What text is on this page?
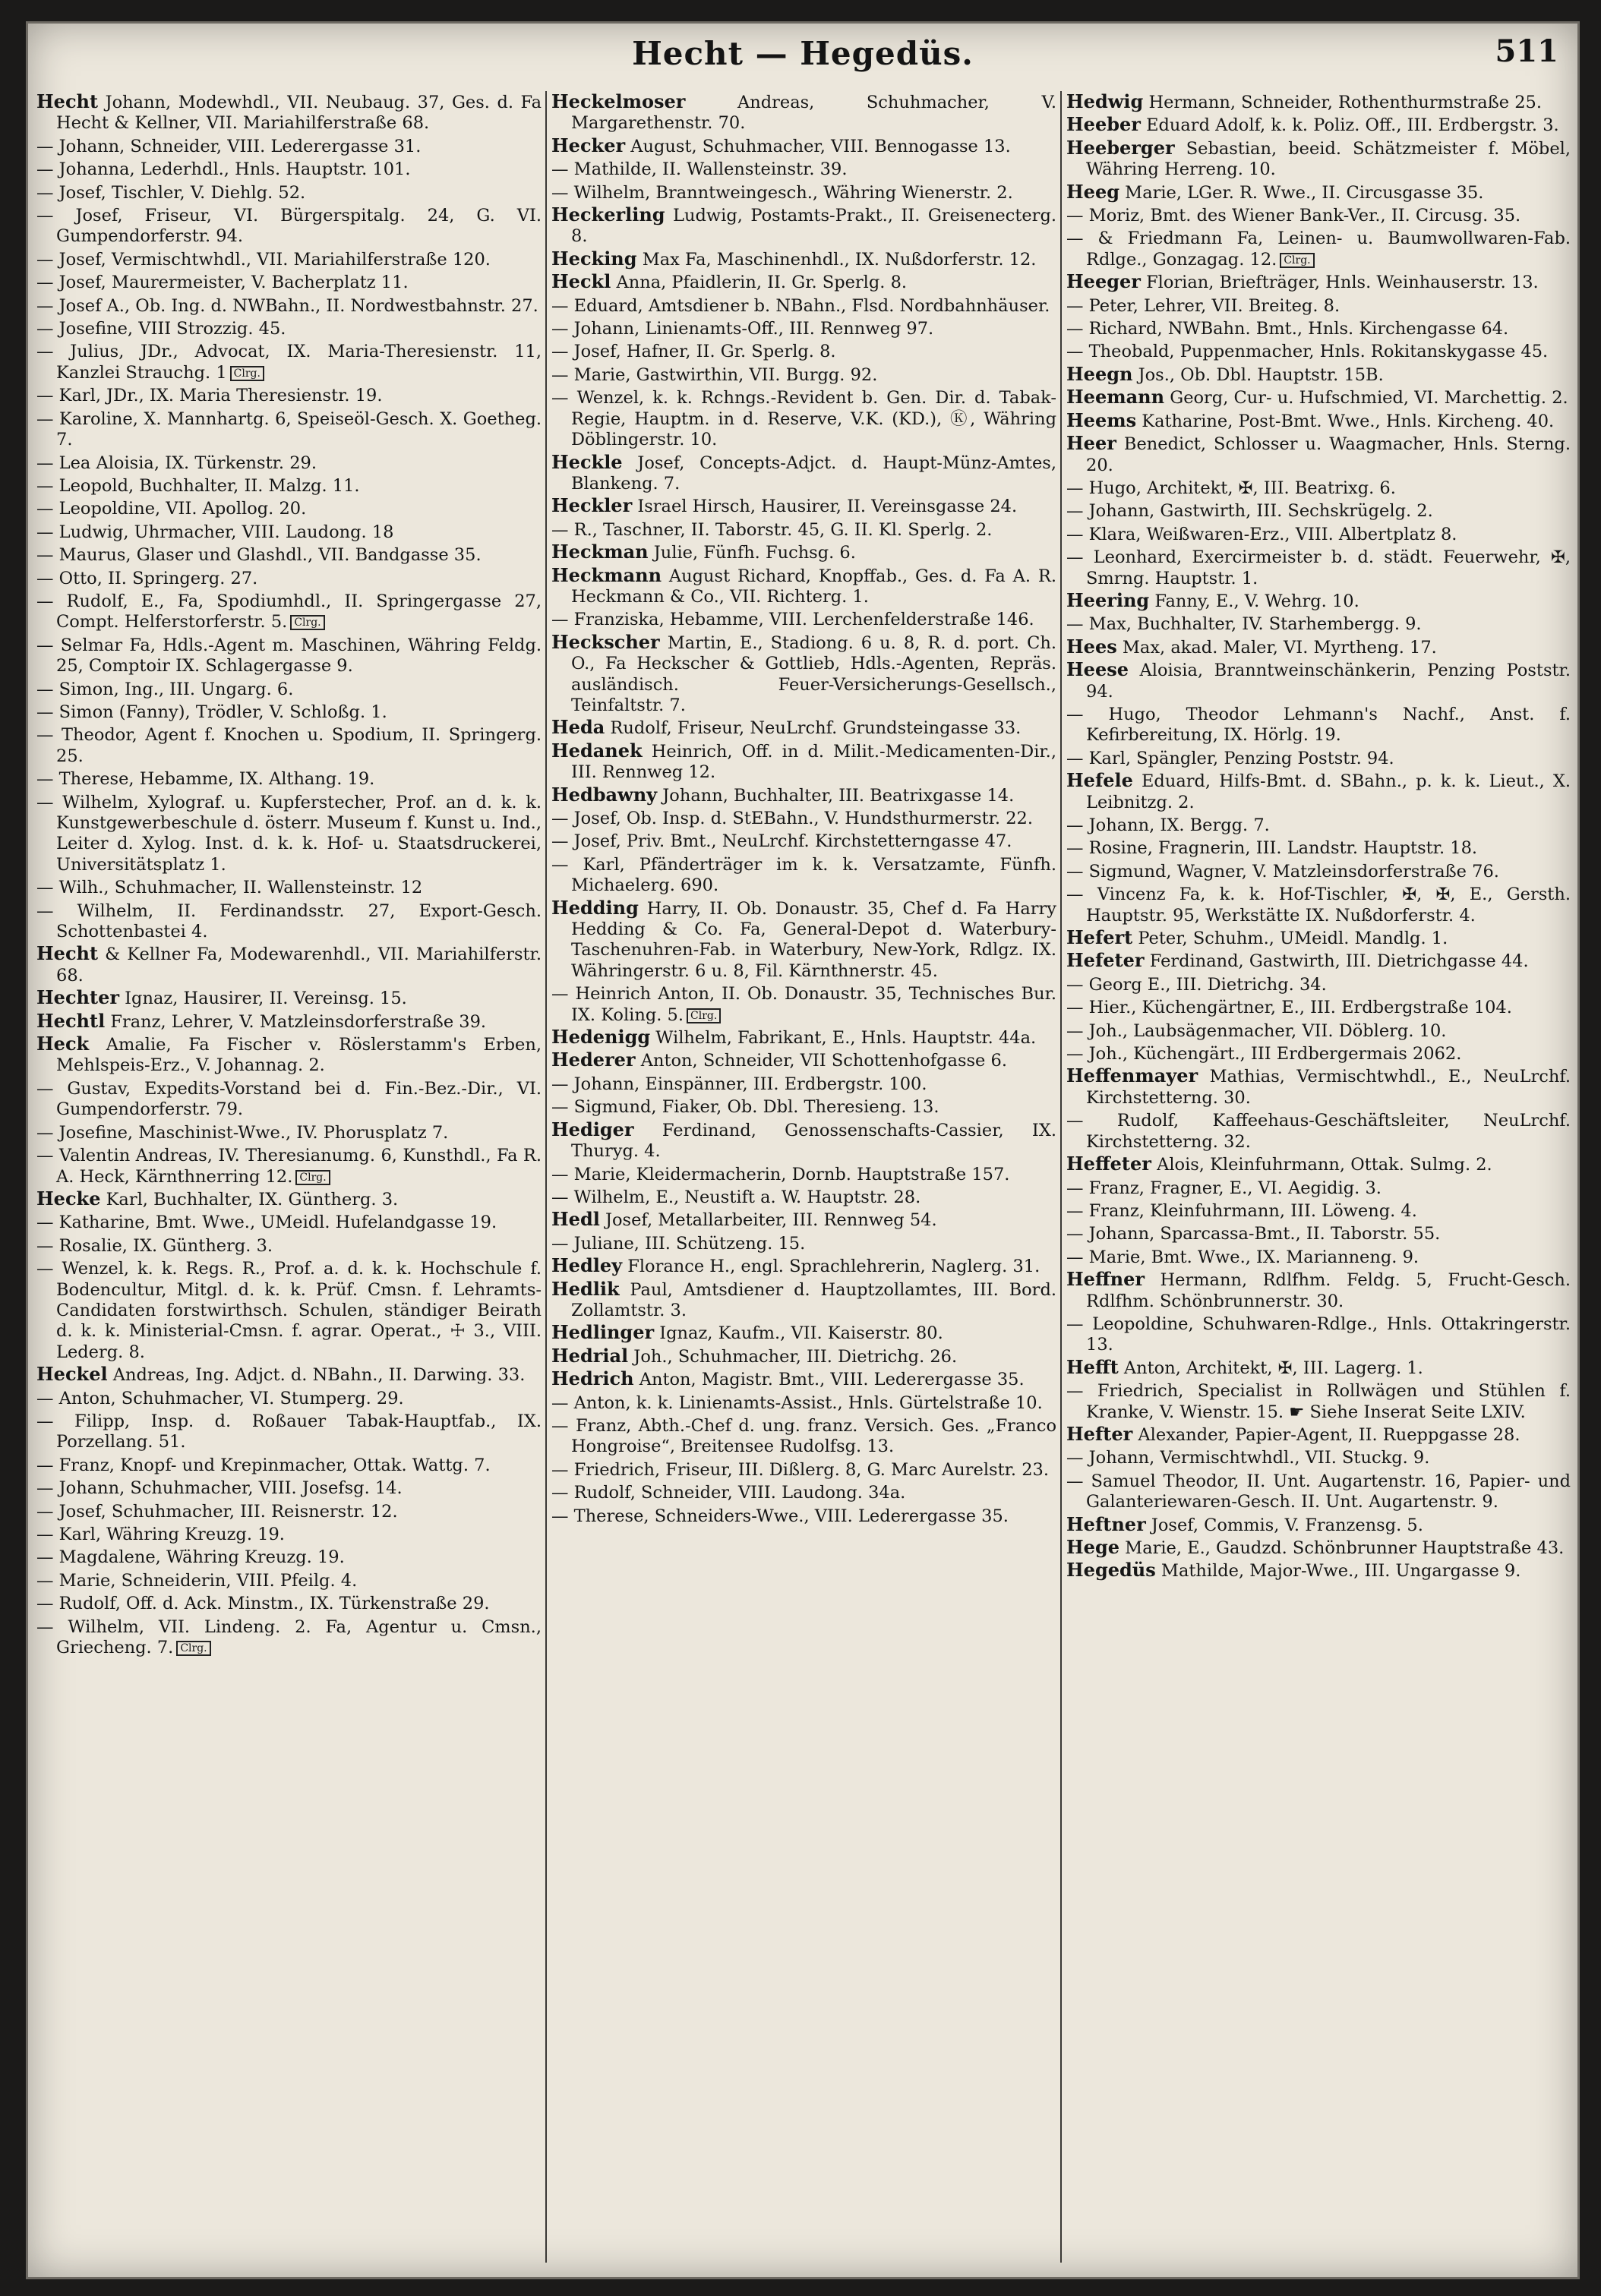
Hecht — Hegedüs.	511

Hecht Johann, Modewhdl., VII. Neubaug. 37, Ges. d. Fa Hecht & Kellner, VII. Mariahilferstraße 68.

— Johann, Schneider, VIII. Lederergasse 31.

— Johanna, Lederhdl., Hnls. Hauptstr. 101.

— Josef, Tischler, V. Diehlg. 52.

— Josef, Friseur, VI. Bürgerspitalg. 24, G. VI. Gumpendorferstr. 94.

— Josef, Vermischtwhdl., VII. Mariahilferstraße 120.

— Josef, Maurermeister, V. Bacherplatz 11.

— Josef A., Ob. Ing. d. NWBahn., II. Nordwestbahnstr. 27.

— Josefine, VIII Strozzig. 45.

— Julius, JDr., Advocat, IX. Maria-Theresienstr. 11, Kanzlei Strauchg. 1 Clrg.

— Karl, JDr., IX. Maria Theresienstr. 19.

— Karoline, X. Mannhartg. 6, Speiseöl-Gesch. X. Goetheg. 7.

— Lea Aloisia, IX. Türkenstr. 29.

— Leopold, Buchhalter, II. Malzg. 11.

— Leopoldine, VII. Apollog. 20.

— Ludwig, Uhrmacher, VIII. Laudong. 18

— Maurus, Glaser und Glashdl., VII. Bandgasse 35.

— Otto, II. Springerg. 27.

— Rudolf, E., Fa, Spodiumhdl., II. Springergasse 27, Compt. Helferstorferstr. 5. Clrg.

— Selmar Fa, Hdls.-Agent m. Maschinen, Währing Feldg. 25, Comptoir IX. Schlagergasse 9.

— Simon, Ing., III. Ungarg. 6.

— Simon (Fanny), Trödler, V. Schloßg. 1.

— Theodor, Agent f. Knochen u. Spodium, II. Springerg. 25.

— Therese, Hebamme, IX. Althang. 19.

— Wilhelm, Xylograf. u. Kupferstecher, Prof. an d. k. k. Kunstgewerbeschule d. österr. Museum f. Kunst u. Ind., Leiter d. Xylog. Inst. d. k. k. Hof- u. Staatsdruckerei, Universitätsplatz 1.

— Wilh., Schuhmacher, II. Wallensteinstr. 12

— Wilhelm, II. Ferdinandsstr. 27, Export-Gesch. Schottenbastei 4.

Hecht & Kellner Fa, Modewarenhdl., VII. Mariahilferstr. 68.

Hechter Ignaz, Hausirer, II. Vereinsg. 15.

Hechtl Franz, Lehrer, V. Matzleinsdorferstraße 39.

Heck Amalie, Fa Fischer v. Röslerstamm's Erben, Mehlspeis-Erz., V. Johannag. 2.

— Gustav, Expedits-Vorstand bei d. Fin.-Bez.-Dir., VI. Gumpendorferstr. 79.

— Josefine, Maschinist-Wwe., IV. Phorusplatz 7.

— Valentin Andreas, IV. Theresianumg. 6, Kunsthdl., Fa R. A. Heck, Kärnthnerring 12. Clrg.

Hecke Karl, Buchhalter, IX. Güntherg. 3.

— Katharine, Bmt. Wwe., UMeidl. Hufelandgasse 19.

— Rosalie, IX. Güntherg. 3.

— Wenzel, k. k. Regs. R., Prof. a. d. k. k. Hochschule f. Bodencultur, Mitgl. d. k. k. Prüf. Cmsn. f. Lehramts-Candidaten forstwirthsch. Schulen, ständiger Beirath d. k. k. Ministerial-Cmsn. f. agrar. Operat., ☩ 3., VIII. Lederg. 8.

Heckel Andreas, Ing. Adjct. d. NBahn., II. Darwing. 33.

— Anton, Schuhmacher, VI. Stumperg. 29.

— Filipp, Insp. d. Roßauer Tabak-Hauptfab., IX. Porzellang. 51.

— Franz, Knopf- und Krepinmacher, Ottak. Wattg. 7.

— Johann, Schuhmacher, VIII. Josefsg. 14.

— Josef, Schuhmacher, III. Reisnerstr. 12.

— Karl, Währing Kreuzg. 19.

— Magdalene, Währing Kreuzg. 19.

— Marie, Schneiderin, VIII. Pfeilg. 4.

— Rudolf, Off. d. Ack. Minstm., IX. Türkenstraße 29.

— Wilhelm, VII. Lindeng. 2. Fa, Agentur u. Cmsn., Griecheng. 7. Clrg.

Heckelmoser Andreas, Schuhmacher, V. Margarethenstr. 70.

Hecker August, Schuhmacher, VIII. Bennogasse 13.

— Mathilde, II. Wallensteinstr. 39.

— Wilhelm, Branntweingesch., Währing Wienerstr. 2.

Heckerling Ludwig, Postamts-Prakt., II. Greisenecterg. 8.

Hecking Max Fa, Maschinenhdl., IX. Nußdorferstr. 12.

Heckl Anna, Pfaidlerin, II. Gr. Sperlg. 8.

— Eduard, Amtsdiener b. NBahn., Flsd. Nordbahnhäuser.

— Johann, Linienamts-Off., III. Rennweg 97.

— Josef, Hafner, II. Gr. Sperlg. 8.

— Marie, Gastwirthin, VII. Burgg. 92.

— Wenzel, k. k. Rchngs.-Revident b. Gen. Dir. d. Tabak-Regie, Hauptm. in d. Reserve, V.K. (KD.), Ⓚ, Währing Döblingerstr. 10.

Heckle Josef, Concepts-Adjct. d. Haupt-Münz-Amtes, Blankeng. 7.

Heckler Israel Hirsch, Hausirer, II. Vereinsgasse 24.

— R., Taschner, II. Taborstr. 45, G. II. Kl. Sperlg. 2.

Heckman Julie, Fünfh. Fuchsg. 6.

Heckmann August Richard, Knopffab., Ges. d. Fa A. R. Heckmann & Co., VII. Richterg. 1.

— Franziska, Hebamme, VIII. Lerchenfelderstraße 146.

Heckscher Martin, E., Stadiong. 6 u. 8, R. d. port. Ch. O., Fa Heckscher & Gottlieb, Hdls.-Agenten, Repräs. ausländisch. Feuer-Versicherungs-Gesellsch., Teinfaltstr. 7.

Heda Rudolf, Friseur, NeuLrchf. Grundsteingasse 33.

Hedanek Heinrich, Off. in d. Milit.-Medicamenten-Dir., III. Rennweg 12.

Hedbawny Johann, Buchhalter, III. Beatrixgasse 14.

— Josef, Ob. Insp. d. StEBahn., V. Hundsthurmerstr. 22.

— Josef, Priv. Bmt., NeuLrchf. Kirchstetterngasse 47.

— Karl, Pfänderträger im k. k. Versatzamte, Fünfh. Michaelerg. 690.

Hedding Harry, II. Ob. Donaustr. 35, Chef d. Fa Harry Hedding & Co. Fa, General-Depot d. Waterbury-Taschenuhren-Fab. in Waterbury, New-York, Rdlgz. IX. Währingerstr. 6 u. 8, Fil. Kärnthnerstr. 45.

— Heinrich Anton, II. Ob. Donaustr. 35, Technisches Bur. IX. Koling. 5. Clrg.

Hedenigg Wilhelm, Fabrikant, E., Hnls. Hauptstr. 44a.

Hederer Anton, Schneider, VII Schottenhofgasse 6.

— Johann, Einspänner, III. Erdbergstr. 100.

— Sigmund, Fiaker, Ob. Dbl. Theresieng. 13.

Hediger Ferdinand, Genossenschafts-Cassier, IX. Thuryg. 4.

— Marie, Kleidermacherin, Dornb. Hauptstraße 157.

— Wilhelm, E., Neustift a. W. Hauptstr. 28.

Hedl Josef, Metallarbeiter, III. Rennweg 54.

— Juliane, III. Schützeng. 15.

Hedley Florance H., engl. Sprachlehrerin, Naglerg. 31.

Hedlik Paul, Amtsdiener d. Hauptzollamtes, III. Bord. Zollamtstr. 3.

Hedlinger Ignaz, Kaufm., VII. Kaiserstr. 80.

Hedrial Joh., Schuhmacher, III. Dietrichg. 26.

Hedrich Anton, Magistr. Bmt., VIII. Lederergasse 35.

— Anton, k. k. Linienamts-Assist., Hnls. Gürtelstraße 10.

— Franz, Abth.-Chef d. ung. franz. Versich. Ges. „Franco Hongroise“, Breitensee Rudolfsg. 13.

— Friedrich, Friseur, III. Dißlerg. 8, G. Marc Aurelstr. 23.

— Rudolf, Schneider, VIII. Laudong. 34a.

— Therese, Schneiders-Wwe., VIII. Lederergasse 35.

Hedwig Hermann, Schneider, Rothenthurmstraße 25.

Heeber Eduard Adolf, k. k. Poliz. Off., III. Erdbergstr. 3.

Heeberger Sebastian, beeid. Schätzmeister f. Möbel, Währing Herreng. 10.

Heeg Marie, LGer. R. Wwe., II. Circusgasse 35.

— Moriz, Bmt. des Wiener Bank-Ver., II. Circusg. 35.

— & Friedmann Fa, Leinen- u. Baumwollwaren-Fab. Rdlge., Gonzagag. 12. Clrg.

Heeger Florian, Briefträger, Hnls. Weinhauserstr. 13.

— Peter, Lehrer, VII. Breiteg. 8.

— Richard, NWBahn. Bmt., Hnls. Kirchengasse 64.

— Theobald, Puppenmacher, Hnls. Rokitanskygasse 45.

Heegn Jos., Ob. Dbl. Hauptstr. 15B.

Heemann Georg, Cur- u. Hufschmied, VI. Marchettig. 2.

Heems Katharine, Post-Bmt. Wwe., Hnls. Kircheng. 40.

Heer Benedict, Schlosser u. Waagmacher, Hnls. Sterng. 20.

— Hugo, Architekt, ✠, III. Beatrixg. 6.

— Johann, Gastwirth, III. Sechskrügelg. 2.

— Klara, Weißwaren-Erz., VIII. Albertplatz 8.

— Leonhard, Exercirmeister b. d. städt. Feuerwehr, ✠, Smrng. Hauptstr. 1.

Heering Fanny, E., V. Wehrg. 10.

— Max, Buchhalter, IV. Starhembergg. 9.

Hees Max, akad. Maler, VI. Myrtheng. 17.

Heese Aloisia, Branntweinschänkerin, Penzing Poststr. 94.

— Hugo, Theodor Lehmann's Nachf., Anst. f. Kefirbereitung, IX. Hörlg. 19.

— Karl, Spängler, Penzing Poststr. 94.

Hefele Eduard, Hilfs-Bmt. d. SBahn., p. k. k. Lieut., X. Leibnitzg. 2.

— Johann, IX. Bergg. 7.

— Rosine, Fragnerin, III. Landstr. Hauptstr. 18.

— Sigmund, Wagner, V. Matzleinsdorferstraße 76.

— Vincenz Fa, k. k. Hof-Tischler, ✠, ✠, E., Gersth. Hauptstr. 95, Werkstätte IX. Nußdorferstr. 4.

Hefert Peter, Schuhm., UMeidl. Mandlg. 1.

Hefeter Ferdinand, Gastwirth, III. Dietrichgasse 44.

— Georg E., III. Dietrichg. 34.

— Hier., Küchengärtner, E., III. Erdbergstraße 104.

— Joh., Laubsägenmacher, VII. Döblerg. 10.

— Joh., Küchengärt., III Erdbergermais 2062.

Heffenmayer Mathias, Vermischtwhdl., E., NeuLrchf. Kirchstetterng. 30.

— Rudolf, Kaffeehaus-Geschäftsleiter, NeuLrchf. Kirchstetterng. 32.

Heffeter Alois, Kleinfuhrmann, Ottak. Sulmg. 2.

— Franz, Fragner, E., VI. Aegidig. 3.

— Franz, Kleinfuhrmann, III. Löweng. 4.

— Johann, Sparcassa-Bmt., II. Taborstr. 55.

— Marie, Bmt. Wwe., IX. Marianneng. 9.

Heffner Hermann, Rdlfhm. Feldg. 5, Frucht-Gesch. Rdlfhm. Schönbrunnerstr. 30.

— Leopoldine, Schuhwaren-Rdlge., Hnls. Ottakringerstr. 13.

Hefft Anton, Architekt, ✠, III. Lagerg. 1.

— Friedrich, Specialist in Rollwägen und Stühlen f. Kranke, V. Wienstr. 15. ☛ Siehe Inserat Seite LXIV.

Hefter Alexander, Papier-Agent, II. Rueppgasse 28.

— Johann, Vermischtwhdl., VII. Stuckg. 9.

— Samuel Theodor, II. Unt. Augartenstr. 16, Papier- und Galanteriewaren-Gesch. II. Unt. Augartenstr. 9.

Heftner Josef, Commis, V. Franzensg. 5.

Hege Marie, E., Gaudzd. Schönbrunner Hauptstraße 43.

Hegedüs Mathilde, Major-Wwe., III. Ungargasse 9.
